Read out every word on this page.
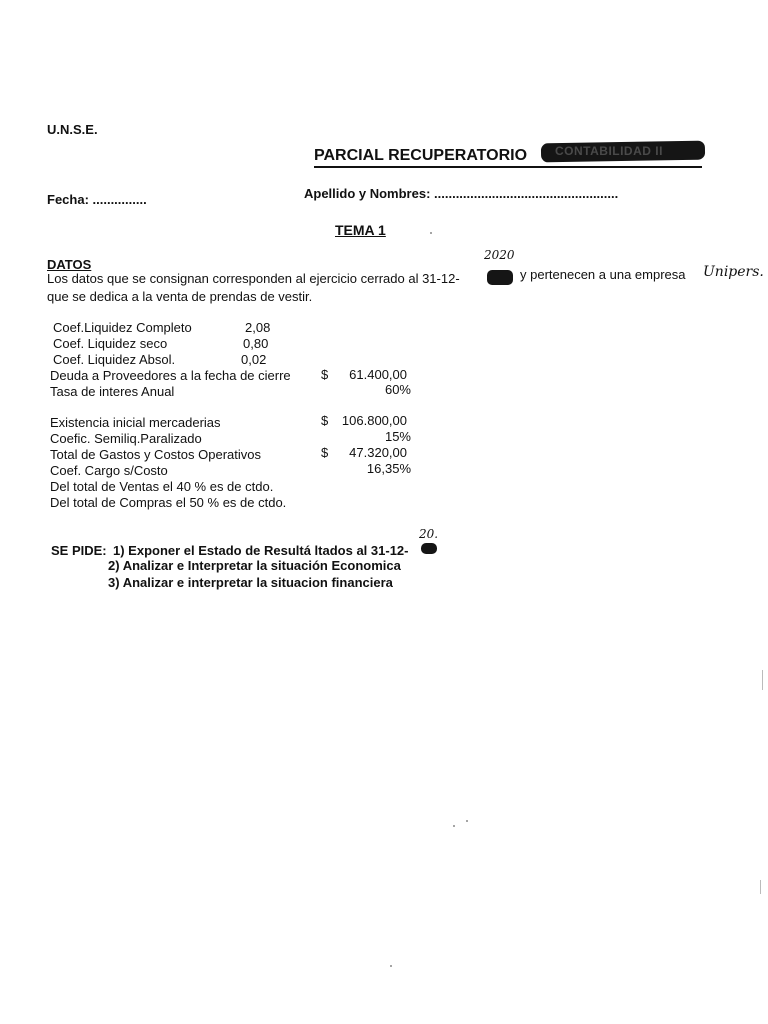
U.N.S.E.
PARCIAL RECUPERATORIO CONTABILIDAD II
Fecha: ...............	Apellido y Nombres: ...................................................
TEMA 1
DATOS
2020
Los datos que se consignan corresponden al ejercicio cerrado al 31-12-	y pertenecen a una empresa Unipers.
que se dedica a la venta de prendas de vestir.
Coef.Liquidez Completo	2,08
Coef. Liquidez seco	0,80
Coef. Liquidez Absol.	0,02
Deuda a Proveedores a la fecha de cierre $	61.400,00
Tasa de interes Anual	60%
Existencia inicial mercaderias	$	106.800,00
Coefic. Semiliq.Paralizado	15%
Total de Gastos y Costos Operativos	$	47.320,00
Coef. Cargo s/Costo	16,35%
Del total de Ventas el 40 % es de ctdo.
Del total de Compras el 50 % es de ctdo.
20.
SE PIDE: 1) Exponer el Estado de Resultá ltados al 31-12-
2) Analizar e Interpretar la situación Economica
3) Analizar e interpretar la situacion financiera
